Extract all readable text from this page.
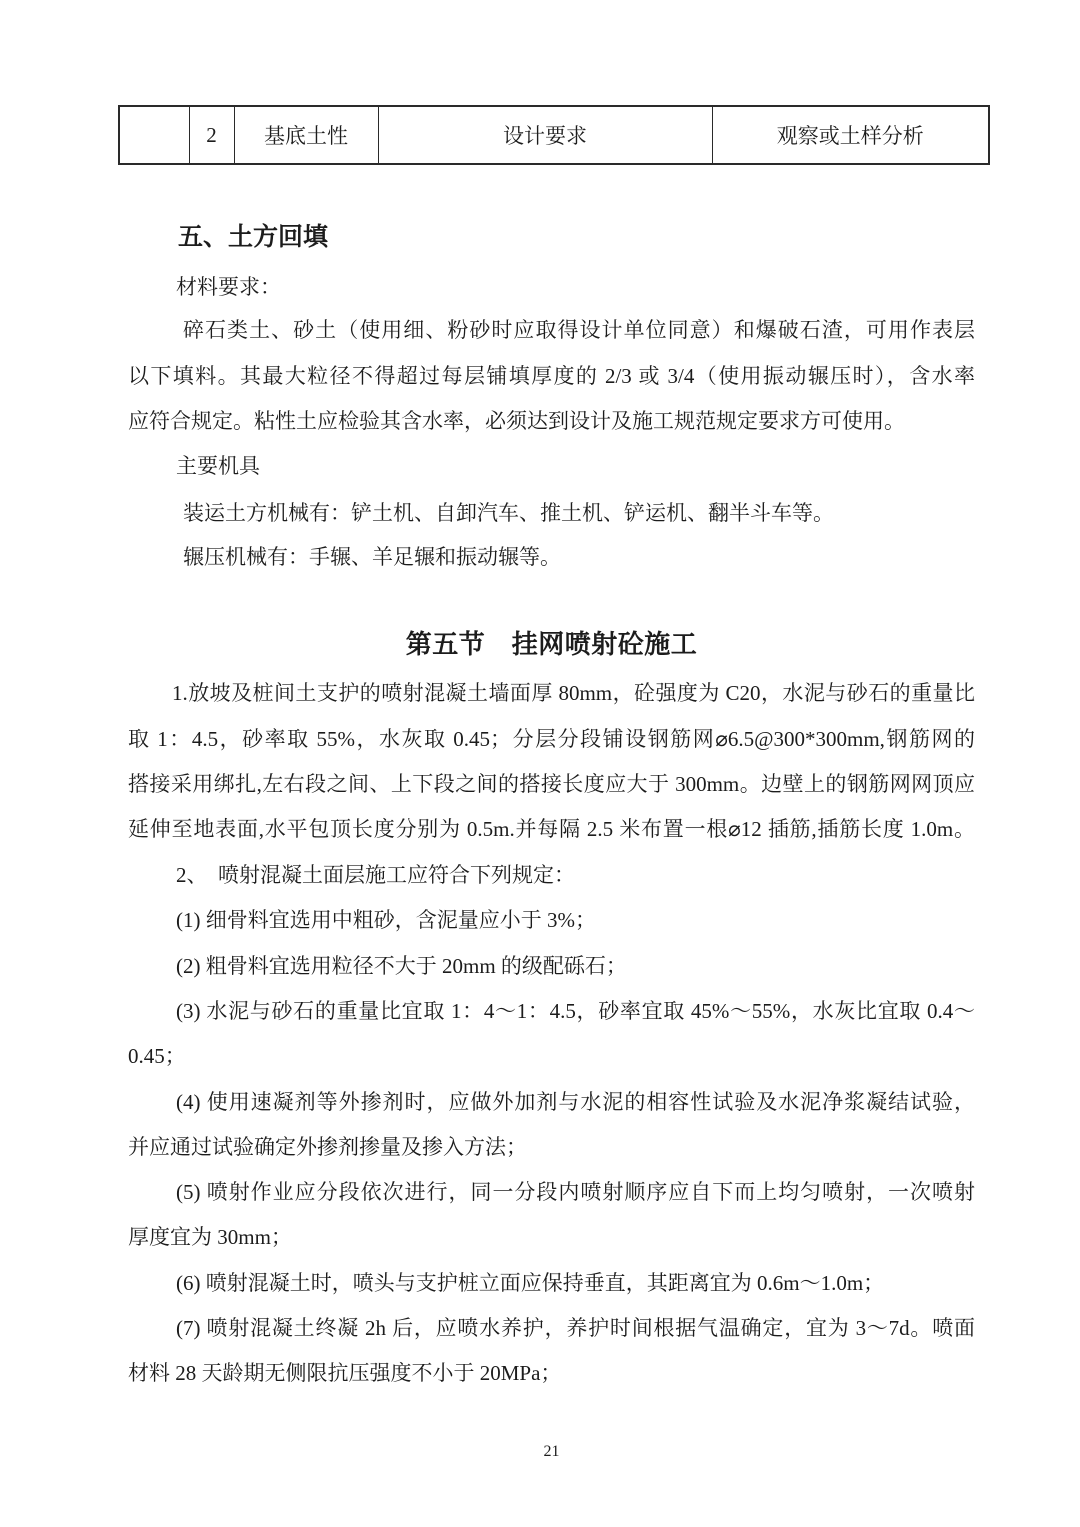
	2	基底土性	设计要求	观察或土样分析
五、土方回填
材料要求：
碎石类土、砂土（使用细、粉砂时应取得设计单位同意）和爆破石渣，可用作表层
以下填料。其最大粒径不得超过每层铺填厚度的 2/3 或 3/4（使用振动辗压时），含水率
应符合规定。粘性土应检验其含水率，必须达到设计及施工规范规定要求方可使用。
主要机具
装运土方机械有：铲土机、自卸汽车、推土机、铲运机、翻半斗车等。
辗压机械有：手辗、羊足辗和振动辗等。
第五节　挂网喷射砼施工
1.放坡及桩间土支护的喷射混凝土墙面厚 80mm，砼强度为 C20，水泥与砂石的重量比
取 1：4.5，砂率取 55%，水灰取 0.45；分层分段铺设钢筋网⌀6.5@300*300mm,钢筋网的
搭接采用绑扎,左右段之间、上下段之间的搭接长度应大于 300mm。边壁上的钢筋网网顶应
延伸至地表面,水平包顶长度分别为 0.5m.并每隔 2.5 米布置一根⌀12 插筋,插筋长度 1.0m。
2、　喷射混凝土面层施工应符合下列规定：
(1) 细骨料宜选用中粗砂，含泥量应小于 3%；
(2) 粗骨料宜选用粒径不大于 20mm 的级配砾石；
(3) 水泥与砂石的重量比宜取 1：4～1：4.5，砂率宜取 45%～55%，水灰比宜取 0.4～
0.45；
(4) 使用速凝剂等外掺剂时，应做外加剂与水泥的相容性试验及水泥净浆凝结试验，
并应通过试验确定外掺剂掺量及掺入方法；
(5) 喷射作业应分段依次进行，同一分段内喷射顺序应自下而上均匀喷射，一次喷射
厚度宜为 30mm；
(6) 喷射混凝土时，喷头与支护桩立面应保持垂直，其距离宜为 0.6m～1.0m；
(7) 喷射混凝土终凝 2h 后，应喷水养护，养护时间根据气温确定，宜为 3～7d。喷面
材料 28 天龄期无侧限抗压强度不小于 20MPa；
21
